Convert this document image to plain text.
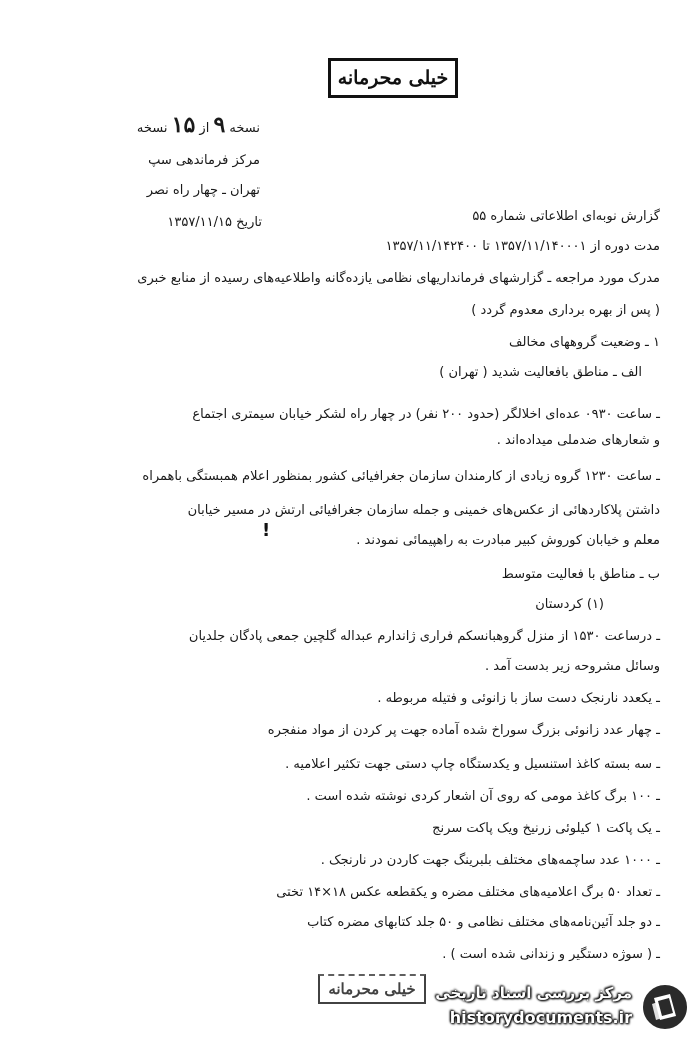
خیلی محرمانه
نسخه ۹ از ۱۵ نسخه
مرکز فرماندهی سپ
تهران ـ چهار راه نصر
تاریخ ۱۳۵۷/۱۱/۱۵	گزارش نوبه‌ای اطلاعاتی شماره ۵۵
مدت دوره از ۱۳۵۷/۱۱/۱۴۰۰۰۱ تا ۱۳۵۷/۱۱/۱۴۲۴۰۰
مدرک مورد مراجعه ـ گزارشهای فرمانداریهای نظامی یازده‌گانه واطلاعیه‌های رسیده از منابع خبری
( پس از بهره برداری معدوم گردد )
۱ ـ وضعیت گروههای مخالف
الف ـ مناطق بافعالیت شدید ( تهران )
ـ ساعت ۰۹۳۰ عده‌ای اخلالگر (حدود ۲۰۰ نفر) در چهار راه لشکر خیابان سیمتری اجتماع
و شعارهای ضدملی میداده‌اند .
ـ ساعت ۱۲۳۰ گروه زیادی از کارمندان سازمان جغرافیائی کشور بمنظور اعلام همبستگی باهمراه
داشتن پلاکاردهائی از عکس‌های خمینی و جمله سازمان جغرافیائی ارتش در مسیر خیابان
معلم و خیابان کوروش کبیر مبادرت به راهپیمائی نمودند .
!
ب ـ مناطق با فعالیت متوسط
(۱) کردستان
ـ درساعت ۱۵۳۰ از منزل گروهبانسکم فراری ژاندارم عبداله گلچین جمعی پادگان جلدیان
وسائل مشروحه زیر بدست آمد .
ـ یکعدد نارنجک دست ساز با زانوئی و فتیله مربوطه .
ـ چهار عدد زانوئی بزرگ سوراخ شده آماده جهت پر کردن از مواد منفجره
ـ سه بسته کاغذ استنسیل و یکدستگاه چاپ دستی جهت تکثیر اعلامیه .
ـ ۱۰۰ برگ کاغذ مومی که روی آن اشعار کردی نوشته شده است .
ـ یک پاکت ۱ کیلوئی زرنیخ ویک پاکت سرنج
ـ ۱۰۰۰ عدد ساچمه‌های مختلف بلبرینگ جهت کاردن در نارنجک .
ـ تعداد ۵۰ برگ اعلامیه‌های مختلف مضره و یکقطعه عکس ۱۸×۱۴ تختی
ـ دو جلد آئین‌نامه‌های مختلف نظامی و ۵۰ جلد کتابهای مضره کتاب
ـ ( سوژه دستگیر و زندانی شده است ) .
خیلی محرمانه مرکز بررسی اسناد تاریخی
historydocuments.ir
